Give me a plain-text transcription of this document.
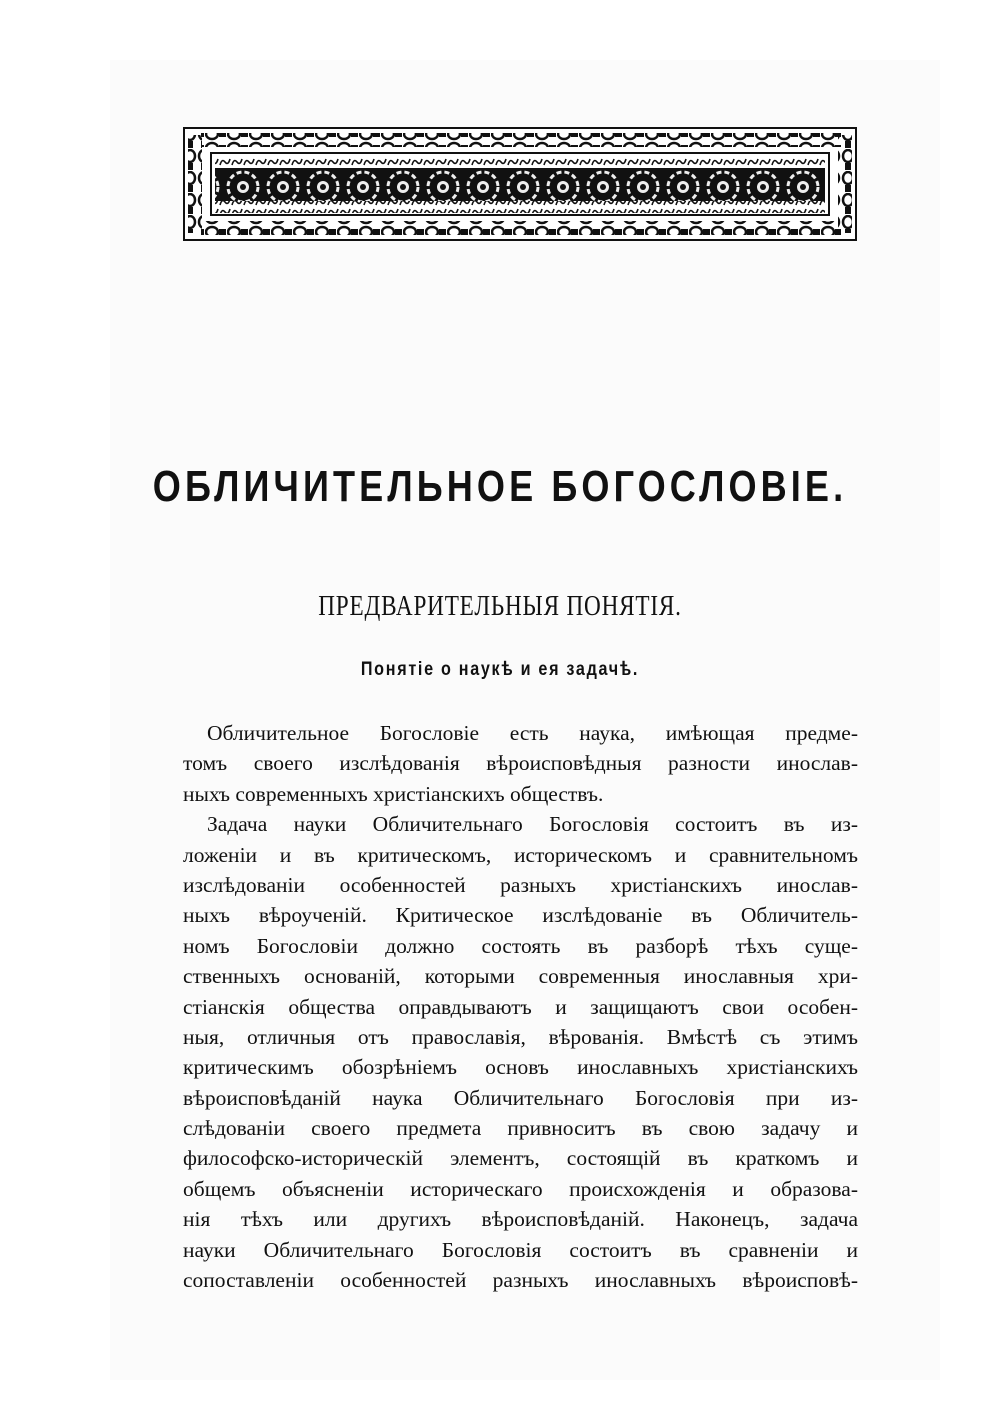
ОБЛИЧИТЕЛЬНОЕ БОГОСЛОВIЕ.
ПРЕДВАРИТЕЛЬНЫЯ ПОНЯТIЯ.
Понятiе о наукѣ и ея задачѣ.
Обличительное Богословiе есть наука, имѣющая предме-
томъ своего изслѣдованiя вѣроисповѣдныя разности инослав-
ныхъ современныхъ христiанскихъ обществъ.
Задача науки Обличительнаго Богословiя состоитъ въ из-
ложенiи и въ критическомъ, историческомъ и сравнительномъ
изслѣдованiи особенностей разныхъ христiанскихъ инослав-
ныхъ вѣроученiй. Критическое изслѣдованiе въ Обличитель-
номъ Богословiи должно состоять въ разборѣ тѣхъ суще-
ственныхъ основанiй, которыми современныя инославныя хри-
стiанскiя общества оправдываютъ и защищаютъ свои особен-
ныя, отличныя отъ православiя, вѣрованiя. Вмѣстѣ съ этимъ
критическимъ обозрѣнiемъ основъ инославныхъ христiанскихъ
вѣроисповѣданiй наука Обличительнаго Богословiя при из-
слѣдованiи своего предмета привноситъ въ свою задачу и
философско-историческiй элементъ, состоящiй въ краткомъ и
общемъ объясненiи историческаго происхожденiя и образова-
нiя тѣхъ или другихъ вѣроисповѣданiй. Наконецъ, задача
науки Обличительнаго Богословiя состоитъ въ сравненiи и
сопоставленiи особенностей разныхъ инославныхъ вѣроисповѣ-
